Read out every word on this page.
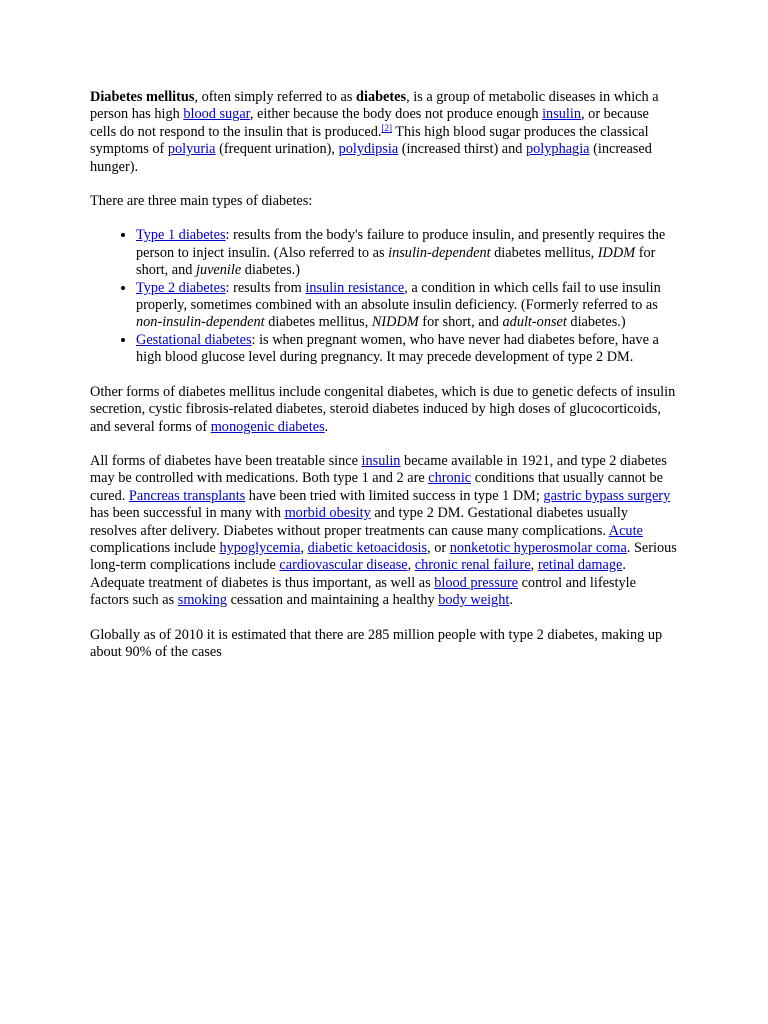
Diabetes mellitus, often simply referred to as diabetes, is a group of metabolic diseases in which a person has high blood sugar, either because the body does not produce enough insulin, or because cells do not respond to the insulin that is produced.[2] This high blood sugar produces the classical symptoms of polyuria (frequent urination), polydipsia (increased thirst) and polyphagia (increased hunger).

There are three main types of diabetes:

• Type 1 diabetes: results from the body's failure to produce insulin, and presently requires the person to inject insulin. (Also referred to as insulin-dependent diabetes mellitus, IDDM for short, and juvenile diabetes.)
• Type 2 diabetes: results from insulin resistance, a condition in which cells fail to use insulin properly, sometimes combined with an absolute insulin deficiency. (Formerly referred to as non-insulin-dependent diabetes mellitus, NIDDM for short, and adult-onset diabetes.)
• Gestational diabetes: is when pregnant women, who have never had diabetes before, have a high blood glucose level during pregnancy. It may precede development of type 2 DM.

Other forms of diabetes mellitus include congenital diabetes, which is due to genetic defects of insulin secretion, cystic fibrosis-related diabetes, steroid diabetes induced by high doses of glucocorticoids, and several forms of monogenic diabetes.

All forms of diabetes have been treatable since insulin became available in 1921, and type 2 diabetes may be controlled with medications. Both type 1 and 2 are chronic conditions that usually cannot be cured. Pancreas transplants have been tried with limited success in type 1 DM; gastric bypass surgery has been successful in many with morbid obesity and type 2 DM. Gestational diabetes usually resolves after delivery. Diabetes without proper treatments can cause many complications. Acute complications include hypoglycemia, diabetic ketoacidosis, or nonketotic hyperosmolar coma. Serious long-term complications include cardiovascular disease, chronic renal failure, retinal damage. Adequate treatment of diabetes is thus important, as well as blood pressure control and lifestyle factors such as smoking cessation and maintaining a healthy body weight.

Globally as of 2010 it is estimated that there are 285 million people with type 2 diabetes, making up about 90% of the cases
